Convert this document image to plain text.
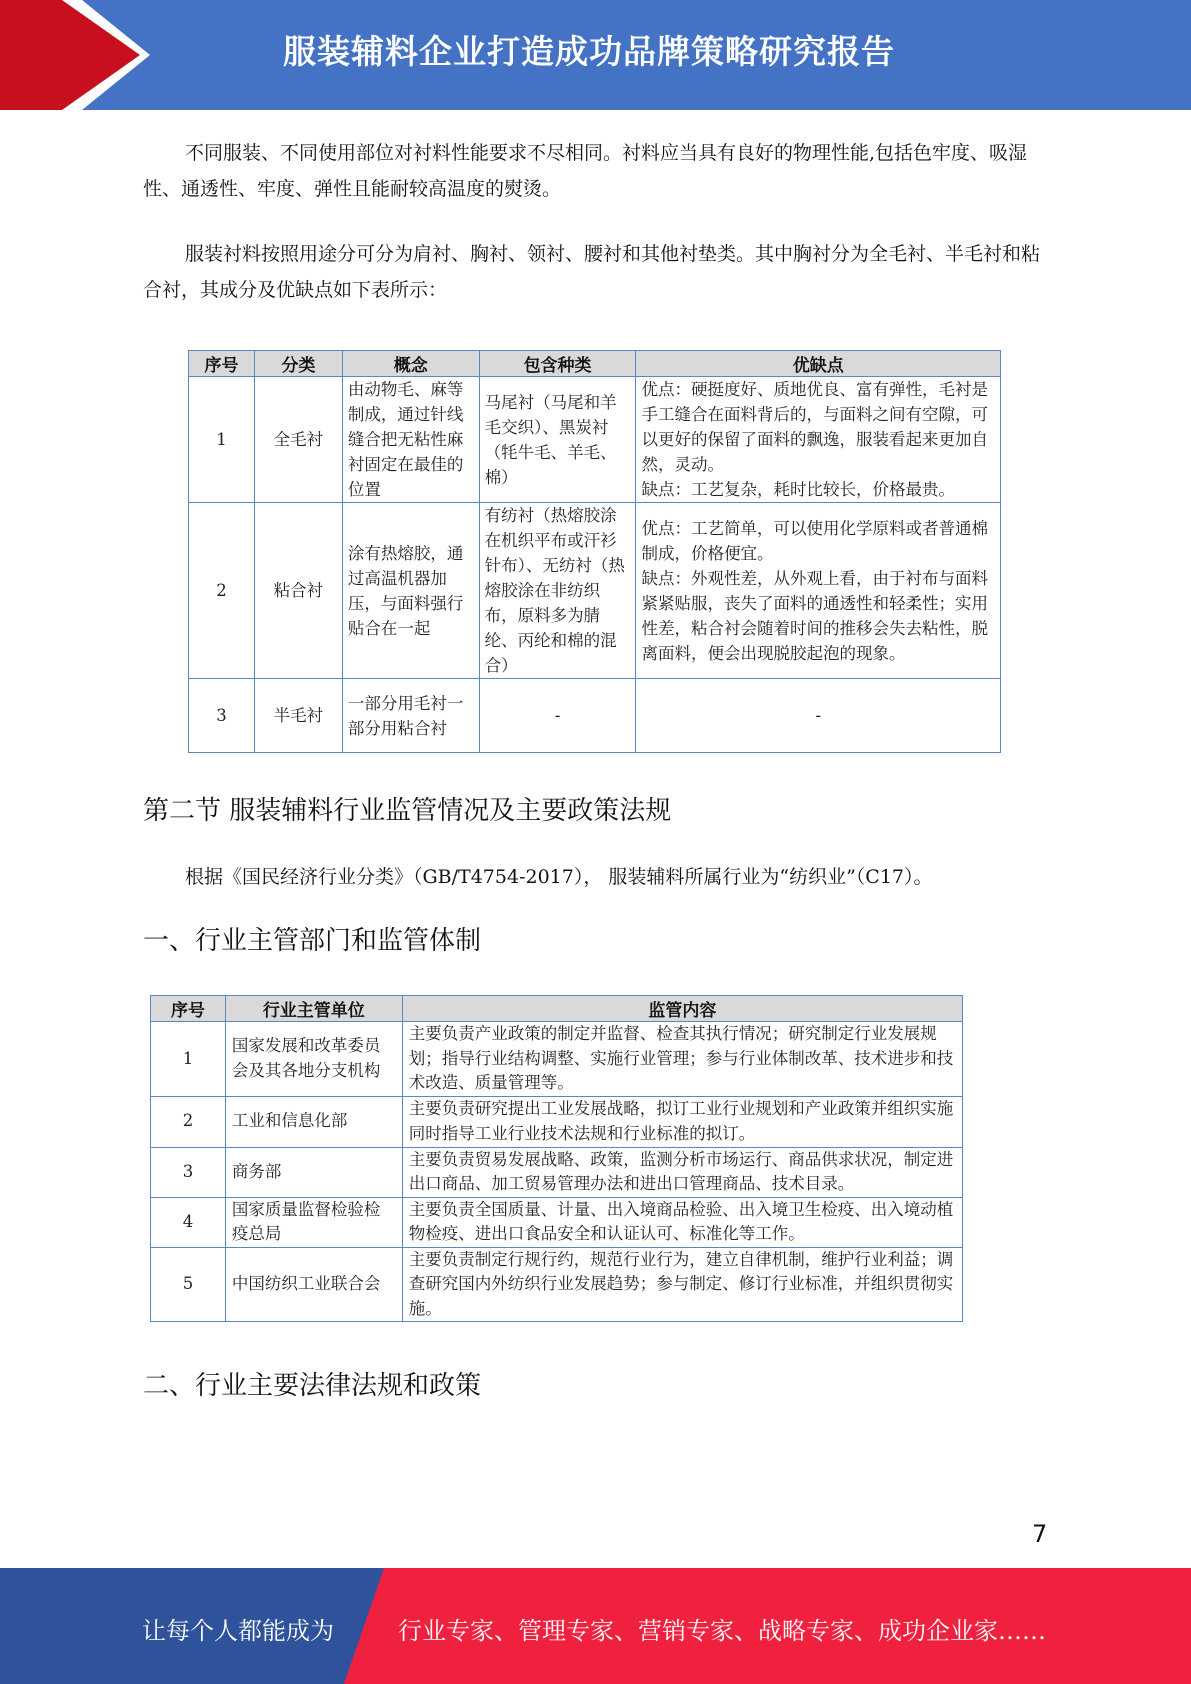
服装辅料企业打造成功品牌策略研究报告

不同服装、不同使用部位对衬料性能要求不尽相同。衬料应当具有良好的物理性能,包括色牢度、吸湿性、通透性、牢度、弹性且能耐较高温度的熨烫。

服装衬料按照用途分可分为肩衬、胸衬、领衬、腰衬和其他衬垫类。其中胸衬分为全毛衬、半毛衬和粘合衬，其成分及优缺点如下表所示：

序号	分类	概念	包含种类	优缺点
1	全毛衬	由动物毛、麻等制成，通过针线缝合把无粘性麻衬固定在最佳的位置	马尾衬（马尾和羊毛交织）、黑炭衬（牦牛毛、羊毛、棉）	优点：硬挺度好、质地优良、富有弹性，毛衬是手工缝合在面料背后的，与面料之间有空隙，可以更好的保留了面料的飘逸，服装看起来更加自然，灵动。
缺点：工艺复杂，耗时比较长，价格最贵。

2	粘合衬	涂有热熔胶，通过高温机器加压，与面料强行贴合在一起	有纺衬（热熔胶涂在机织平布或汗衫针布）、无纺衬（热熔胶涂在非纺织布，原料多为腈纶、丙纶和棉的混合）	优点：工艺简单，可以使用化学原料或者普通棉制成，价格便宜。
缺点：外观性差，从外观上看，由于衬布与面料紧紧贴服，丧失了面料的通透性和轻柔性；实用性差，粘合衬会随着时间的推移会失去粘性，脱离面料，便会出现脱胶起泡的现象。

3	半毛衬	一部分用毛衬一部分用粘合衬	-	-
第二节 服装辅料行业监管情况及主要政策法规

根据《国民经济行业分类》（GB/T4754-2017）， 服装辅料所属行业为“纺织业”（C17）。

一、行业主管部门和监管体制
序号	行业主管单位	监管内容
1	国家发展和改革委员会及其各地分支机构	主要负责产业政策的制定并监督、检查其执行情况；研究制定行业发展规划；指导行业结构调整、实施行业管理；参与行业体制改革、技术进步和技术改造、质量管理等。
2	工业和信息化部	主要负责研究提出工业发展战略，拟订工业行业规划和产业政策并组织实施同时指导工业行业技术法规和行业标准的拟订。
3	商务部	主要负责贸易发展战略、政策，监测分析市场运行、商品供求状况，制定进出口商品、加工贸易管理办法和进出口管理商品、技术目录。
4	国家质量监督检验检疫总局	主要负责全国质量、计量、出入境商品检验、出入境卫生检疫、出入境动植物检疫、进出口食品安全和认证认可、标准化等工作。
5	中国纺织工业联合会	主要负责制定行规行约，规范行业行为，建立自律机制，维护行业利益；调查研究国内外纺织行业发展趋势；参与制定、修订行业标准，并组织贯彻实施。
二、行业主要法律法规和政策
7
让每个人都能成为	行业专家、管理专家、营销专家、战略专家、成功企业家……
